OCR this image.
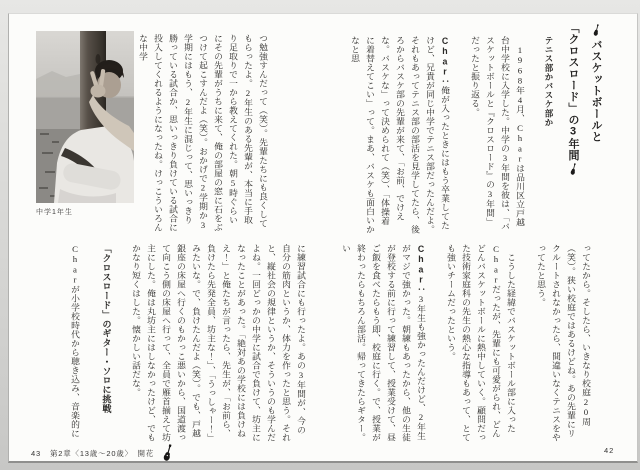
バスケットボールと
「クロスロード」の3年間
テニス部かバスケ部か

　1968年4月、Charは品川区立戸越台中学校に入学した。中学の3年間を彼は、「バスケットボールと『クロスロード』の3年間」だったと振り返る。

Char：俺が入ったときにはもう卒業してたけど、兄貴が同じ中学でテニス部だったんだよ。それもあってテニス部の部活を見学してたら、後ろからバスケ部の先輩が来て、「お前、でけえな。バスケな」って決められて（笑）、「体操着に着替えてこい」って。まあ、バスケも面白いかなと思

ってたから。そしたら、いきなり校庭20周（笑）。狭い校庭ではあるけどね。あの先輩にリクルートされなかったら、間違いなくテニスをやってたと思う。

　こうした経緯でバスケットボール部に入ったCharだったが、先輩にも可愛がられ、どんどんバスケットボールに熱中していく。顧問だった技術家庭科の先生の熱心な指導もあって、とても強いチームだったという。

Char：3年生も強かったんだけど、2年生がマジで強かった。朝練もあったから、他の生徒が登校する前に行って練習して、授業受けて、昼ご飯を食べたらもう即、校庭に行く。で、授業が終わったらもちろん部活。帰ってきたらギター。い

42
中学1年生	つ勉強すんだって（笑）。先輩たちにも良くしてもらったよ。2年生のある先輩が、本当に手取り足取りで一から教えてくれた。朝5時ぐらいにその先輩がうちに来て、俺の部屋の窓に石をぶつけて起こすんだよ（笑）。おかげで2学期か3学期にはもう、2年生に混じって、思いっきり勝っている試合か、思いっきり負けている試合に投入してくれるようになったね。けっこういろんな中学

に練習試合にも行ったよ。あの3年間が、今の自分の筋肉というか、体力を作ったと思う。それと、縦社会の規律というか、そういうのも学んだよね。一回どっかの中学に試合で負けて、坊主になったことがあった。「絶対あの学校には負けねえ！」と俺たちが言ったら、先生が、「お前ら、負けたら先発全員、坊主な！」、「うっしゃー！」みたいな。で、負けたんだよ（笑）。でも、戸越銀座の床屋へ行くのもかっこ悪いから、国道渡って向こう側の床屋へ行って、全員で雁首揃えて坊主にした。俺は丸坊主にはしなかったけど、でもかなり短くはした。懐かしい話だな。

「クロスロード」のギター・ソロに挑戦

Charが小学校時代から聴き込み、音楽的に

43 第2章〈13歳〜20歳〉　開花
